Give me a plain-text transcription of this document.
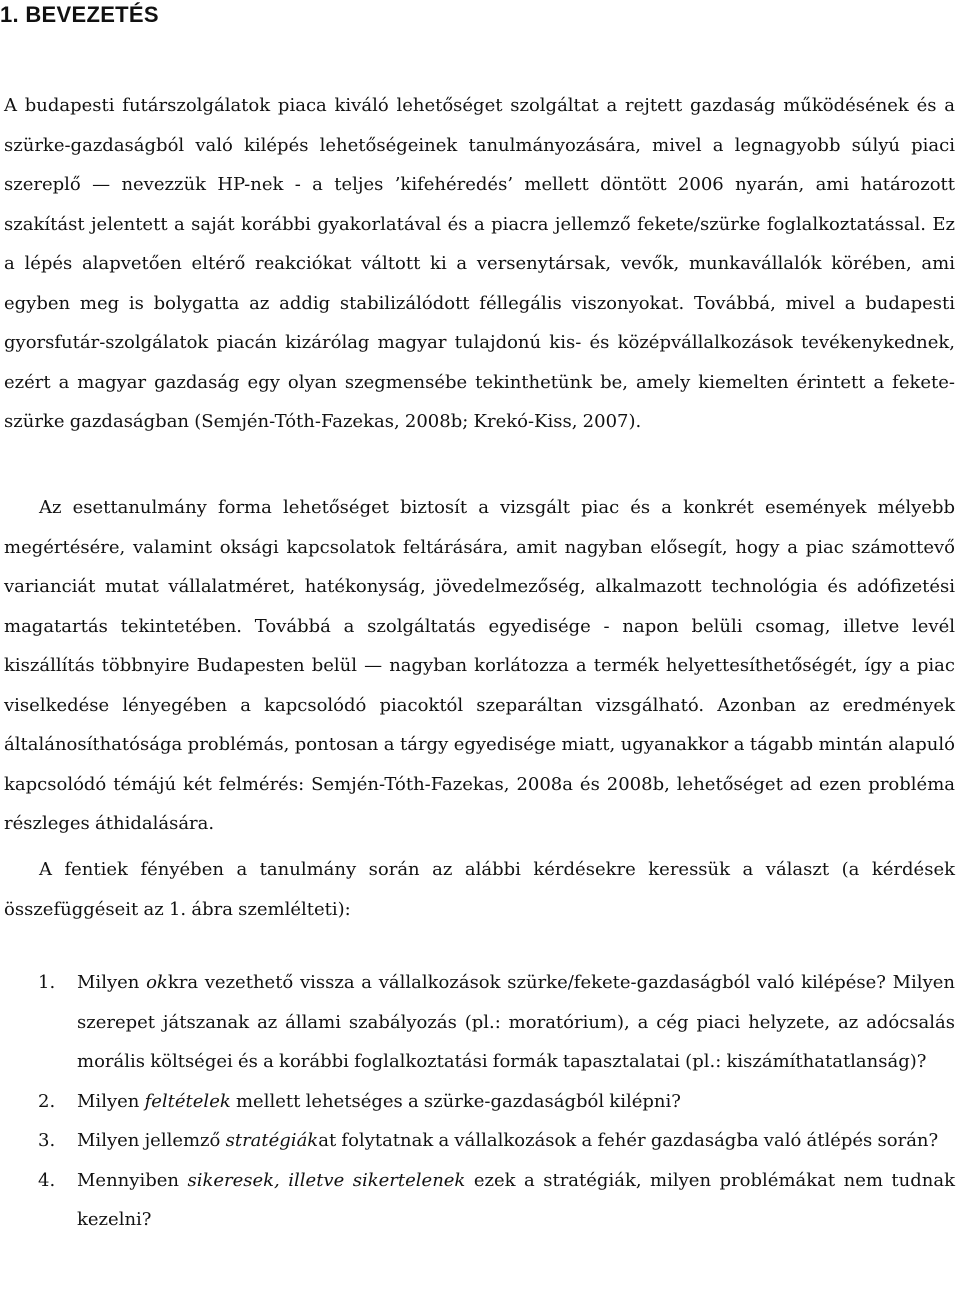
1. BEVEZETÉS

A budapesti futárszolgálatok piaca kiváló lehetőséget szolgáltat a rejtett gazdaság működésének és a szürke-gazdaságból való kilépés lehetőségeinek tanulmányozására, mivel a legnagyobb súlyú piaci szereplő — nevezzük HP-nek - a teljes ’kifehéredés’ mellett döntött 2006 nyarán, ami határozott szakítást jelentett a saját korábbi gyakorlatával és a piacra jellemző fekete/szürke foglalkoztatással. Ez a lépés alapvetően eltérő reakciókat váltott ki a versenytársak, vevők, munkavállalók körében, ami egyben meg is bolygatta az addig stabilizálódott féllegális viszonyokat. Továbbá, mivel a budapesti gyorsfutár-szolgálatok piacán kizárólag magyar tulajdonú kis- és középvállalkozások tevékenykednek, ezért a magyar gazdaság egy olyan szegmensébe tekinthetünk be, amely kiemelten érintett a fekete-szürke gazdaságban (Semjén-Tóth-Fazekas, 2008b; Krekó-Kiss, 2007).

Az esettanulmány forma lehetőséget biztosít a vizsgált piac és a konkrét események mélyebb megértésére, valamint oksági kapcsolatok feltárására, amit nagyban elősegít, hogy a piac számottevő varianciát mutat vállalatméret, hatékonyság, jövedelmezőség, alkalmazott technológia és adófizetési magatartás tekintetében. Továbbá a szolgáltatás egyedisége - napon belüli csomag, illetve levél kiszállítás többnyire Budapesten belül — nagyban korlátozza a termék helyettesíthetőségét, így a piac viselkedése lényegében a kapcsolódó piacoktól szeparáltan vizsgálható. Azonban az eredmények általánosíthatósága problémás, pontosan a tárgy egyedisége miatt, ugyanakkor a tágabb mintán alapuló kapcsolódó témájú két felmérés: Semjén-Tóth-Fazekas, 2008a és 2008b, lehetőséget ad ezen probléma részleges áthidalására.

A fentiek fényében a tanulmány során az alábbi kérdésekre keressük a választ (a kérdések összefüggéseit az 1. ábra szemlélteti):

1. Milyen okkra vezethető vissza a vállalkozások szürke/fekete-gazdaságból való kilépése? Milyen szerepet játszanak az állami szabályozás (pl.: moratórium), a cég piaci helyzete, az adócsalás morális költségei és a korábbi foglalkoztatási formák tapasztalatai (pl.: kiszámíthatatlanság)?
2. Milyen feltételek mellett lehetséges a szürke-gazdaságból kilépni?
3. Milyen jellemző stratégiákat folytatnak a vállalkozások a fehér gazdaságba való átlépés során?
4. Mennyiben sikeresek, illetve sikertelenek ezek a stratégiák, milyen problémákat nem tudnak kezelni?
